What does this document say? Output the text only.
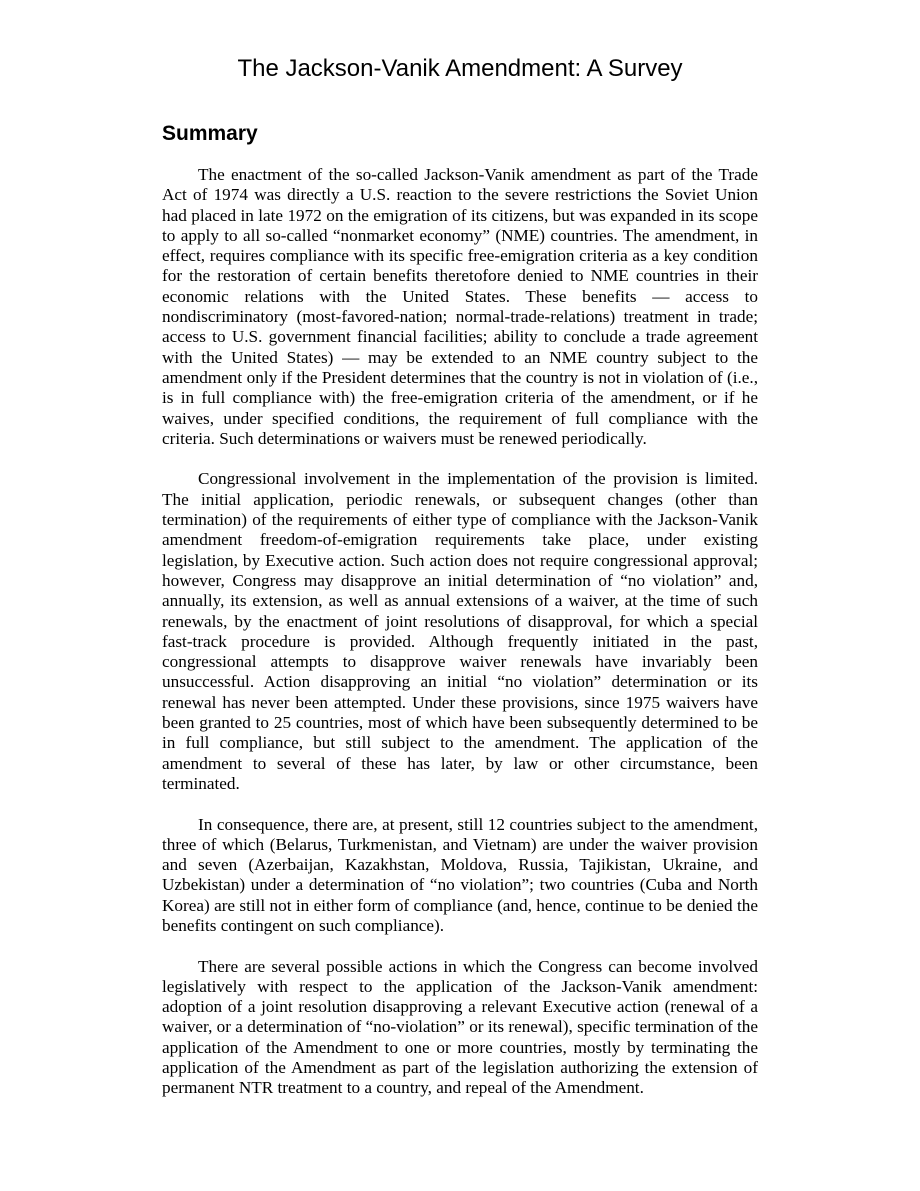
The Jackson-Vanik Amendment: A Survey
Summary

The enactment of the so-called Jackson-Vanik amendment as part of the Trade Act of 1974 was directly a U.S. reaction to the severe restrictions the Soviet Union had placed in late 1972 on the emigration of its citizens, but was expanded in its scope to apply to all so-called “nonmarket economy” (NME) countries. The amendment, in effect, requires compliance with its specific free-emigration criteria as a key condition for the restoration of certain benefits theretofore denied to NME countries in their economic relations with the United States. These benefits — access to nondiscriminatory (most-favored-nation; normal-trade-relations) treatment in trade; access to U.S. government financial facilities; ability to conclude a trade agreement with the United States) — may be extended to an NME country subject to the amendment only if the President determines that the country is not in violation of (i.e., is in full compliance with) the free-emigration criteria of the amendment, or if he waives, under specified conditions, the requirement of full compliance with the criteria. Such determinations or waivers must be renewed periodically.

Congressional involvement in the implementation of the provision is limited. The initial application, periodic renewals, or subsequent changes (other than termination) of the requirements of either type of compliance with the Jackson-Vanik amendment freedom-of-emigration requirements take place, under existing legislation, by Executive action. Such action does not require congressional approval; however, Congress may disapprove an initial determination of “no violation” and, annually, its extension, as well as annual extensions of a waiver, at the time of such renewals, by the enactment of joint resolutions of disapproval, for which a special fast-track procedure is provided. Although frequently initiated in the past, congressional attempts to disapprove waiver renewals have invariably been unsuccessful. Action disapproving an initial “no violation” determination or its renewal has never been attempted. Under these provisions, since 1975 waivers have been granted to 25 countries, most of which have been subsequently determined to be in full compliance, but still subject to the amendment. The application of the amendment to several of these has later, by law or other circumstance, been terminated.

In consequence, there are, at present, still 12 countries subject to the amendment, three of which (Belarus, Turkmenistan, and Vietnam) are under the waiver provision and seven (Azerbaijan, Kazakhstan, Moldova, Russia, Tajikistan, Ukraine, and Uzbekistan) under a determination of “no violation”; two countries (Cuba and North Korea) are still not in either form of compliance (and, hence, continue to be denied the benefits contingent on such compliance).

There are several possible actions in which the Congress can become involved legislatively with respect to the application of the Jackson-Vanik amendment: adoption of a joint resolution disapproving a relevant Executive action (renewal of a waiver, or a determination of “no-violation” or its renewal), specific termination of the application of the Amendment to one or more countries, mostly by terminating the application of the Amendment as part of the legislation authorizing the extension of permanent NTR treatment to a country, and repeal of the Amendment.
